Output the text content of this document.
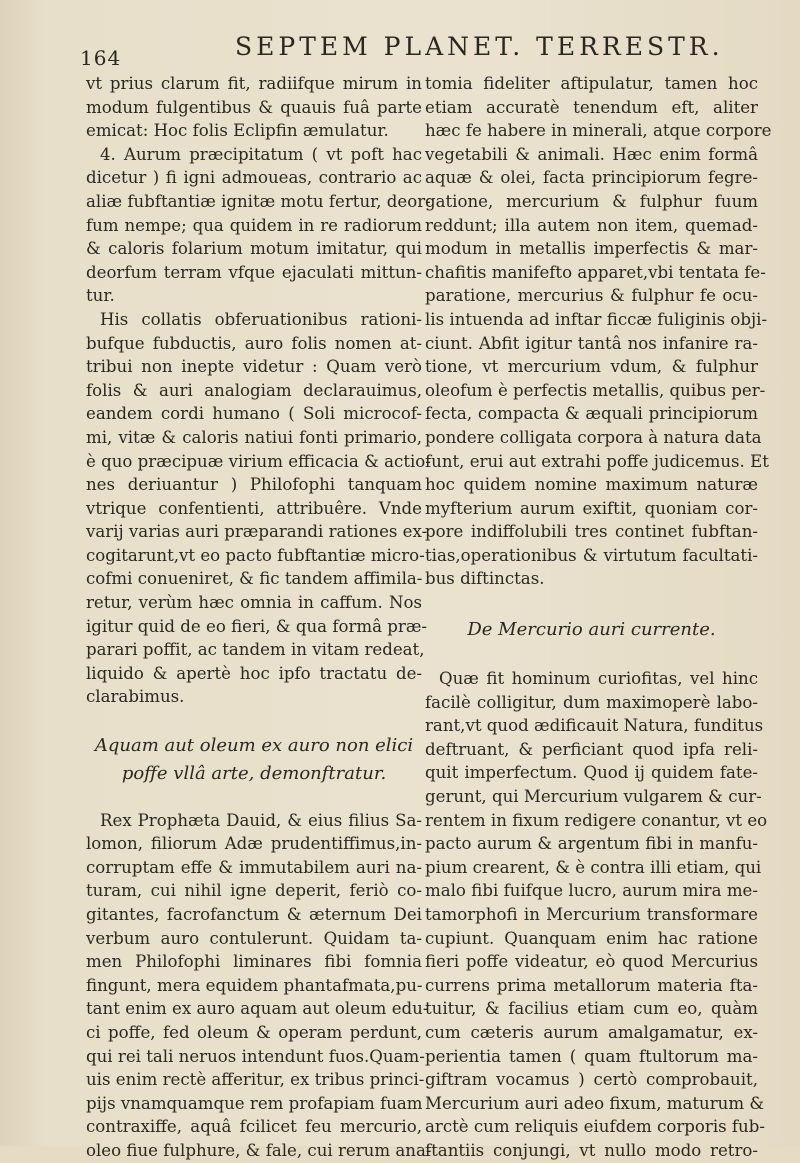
164	SEPTEM PLANET. TERRESTR.
vt prius clarum fit, radiifque mirum in
modum fulgentibus & quauis fuâ parte
emicat: Hoc folis Eclipfin æmulatur.
4. Aurum præcipitatum ( vt poft hac
dicetur ) fi igni admoueas, contrario ac
aliæ fubftantiæ ignitæ motu fertur, deor-
fum nempe; qua quidem in re radiorum
& caloris folarium motum imitatur, qui
deorfum terram vfque ejaculati mittun-
tur.
His collatis obferuationibus rationi-
bufque fubductis, auro folis nomen at-
tribui non inepte videtur : Quam verò
folis & auri analogiam declarauimus,
eandem cordi humano ( Soli microcof-
mi, vitæ & caloris natiui fonti primario,
è quo præcipuæ virium efficacia & actio-
nes deriuantur ) Philofophi tanquam
vtrique confentienti, attribuêre. Vnde
varij varias auri præparandi rationes ex-
cogitarunt,vt eo pacto fubftantiæ micro-
cofmi conueniret, & fic tandem affimila-
retur, verùm hæc omnia in caffum. Nos
igitur quid de eo fieri, & qua formâ præ-
parari poffit, ac tandem in vitam redeat,
liquido & apertè hoc ipfo tractatu de-
clarabimus.
Aquam aut oleum ex auro non elici
poffe vllâ arte, demonftratur.
Rex Prophæta Dauid, & eius filius Sa-
lomon, filiorum Adæ prudentiffimus,in-
corruptam effe & immutabilem auri na-
turam, cui nihil igne deperit, feriò co-
gitantes, facrofanctum & æternum Dei
verbum auro contulerunt. Quidam ta-
men Philofophi liminares fibi fomnia
fingunt, mera equidem phantafmata,pu-
tant enim ex auro aquam aut oleum edu-
ci poffe, fed oleum & operam perdunt,
qui rei tali neruos intendunt fuos.Quam-
uis enim rectè afferitur, ex tribus princi-
pijs vnamquamque rem profapiam fuam
contraxiffe, aquâ fcilicet feu mercurio,
oleo fiue fulphure, & fale, cui rerum ana-
tomia fideliter aftipulatur, tamen hoc
etiam accuratè tenendum eft, aliter
hæc fe habere in minerali, atque corpore
vegetabili & animali. Hæc enim formâ
aquæ & olei, facta principiorum fegre-
gatione, mercurium & fulphur fuum
reddunt; illa autem non item, quemad-
modum in metallis imperfectis & mar-
chafitis manifefto apparet,vbi tentata fe-
paratione, mercurius & fulphur fe ocu-
lis intuenda ad inftar ficcæ fuliginis obji-
ciunt. Abfit igitur tantâ nos infanire ra-
tione, vt mercurium vdum, & fulphur
oleofum è perfectis metallis, quibus per-
fecta, compacta & æquali principiorum
pondere colligata corpora à natura data
funt, erui aut extrahi poffe judicemus. Et
hoc quidem nomine maximum naturæ
myfterium aurum exiftit, quoniam cor-
pore indiffolubili tres continet fubftan-
tias,operationibus & virtutum facultati-
bus diftinctas.
De Mercurio auri currente.
Quæ fit hominum curiofitas, vel hinc
facilè colligitur, dum maximoperè labo-
rant,vt quod ædificauit Natura, funditus
deftruant, & perficiant quod ipfa reli-
quit imperfectum. Quod ij quidem fate-
gerunt, qui Mercurium vulgarem & cur-
rentem in fixum redigere conantur, vt eo
pacto aurum & argentum fibi in manfu-
pium crearent, & è contra illi etiam, qui
malo fibi fuifque lucro, aurum mira me-
tamorphofi in Mercurium transformare
cupiunt. Quanquam enim hac ratione
fieri poffe videatur, eò quod Mercurius
currens prima metallorum materia fta-
tuitur, & facilius etiam cum eo, quàm
cum cæteris aurum amalgamatur, ex-
perientia tamen ( quam ftultorum ma-
giftram vocamus ) certò comprobauit,
Mercurium auri adeo fixum, maturum &
arctè cum reliquis eiufdem corporis fub-
ftantiis conjungi, vt nullo modo retro-
